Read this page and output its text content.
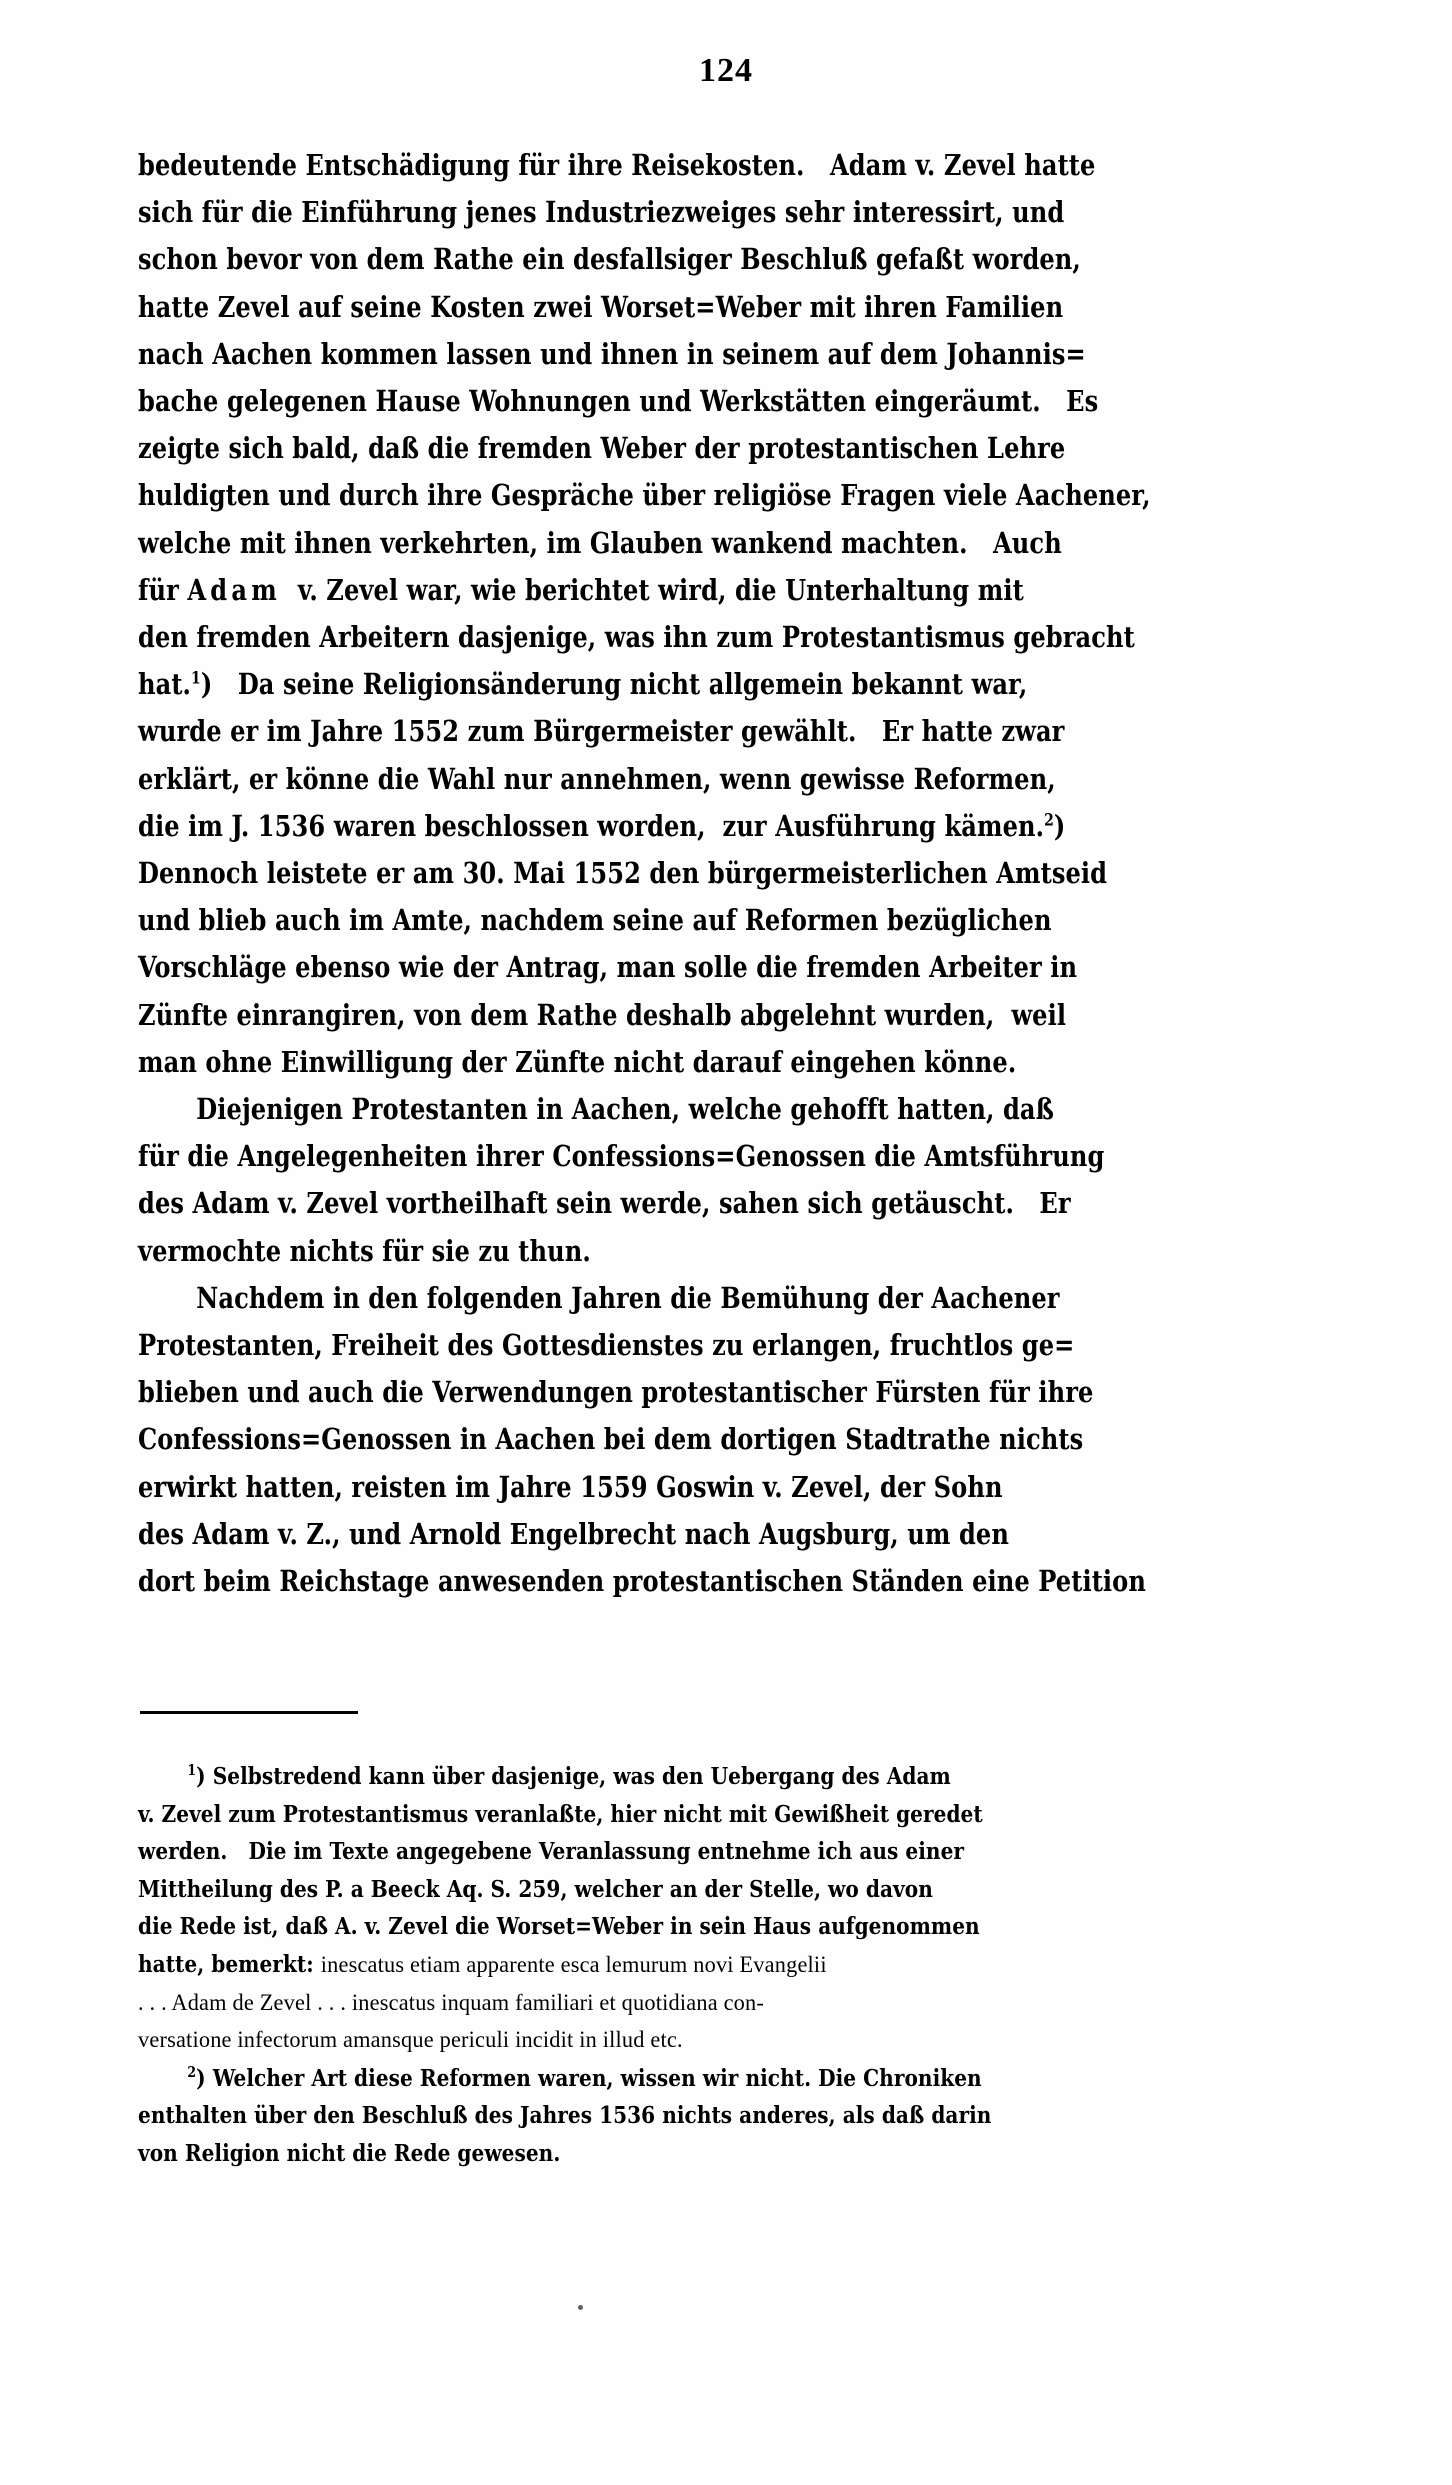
124
bedeutende Entschädigung für ihre Reisekosten.   Adam v. Zevel hatte
sich für die Einführung jenes Industriezweiges sehr interessirt, und
schon bevor von dem Rathe ein desfallsiger Beschluß gefaßt worden,
hatte Zevel auf seine Kosten zwei Worset=Weber mit ihren Familien
nach Aachen kommen lassen und ihnen in seinem auf dem Johannis=
bache gelegenen Hause Wohnungen und Werkstätten eingeräumt.   Es
zeigte sich bald, daß die fremden Weber der protestantischen Lehre
huldigten und durch ihre Gespräche über religiöse Fragen viele Aachener,
welche mit ihnen verkehrten, im Glauben wankend machten.   Auch
für Adam  v. Zevel war, wie berichtet wird, die Unterhaltung mit
den fremden Arbeitern dasjenige, was ihn zum Protestantismus gebracht
hat.$^1$)   Da seine Religionsänderung nicht allgemein bekannt war,
wurde er im Jahre 1552 zum Bürgermeister gewählt.   Er hatte zwar
erklärt, er könne die Wahl nur annehmen, wenn gewisse Reformen,
die im J. 1536 waren beschlossen worden,  zur Ausführung kämen.$^2$)
Dennoch leistete er am 30. Mai 1552 den bürgermeisterlichen Amtseid
und blieb auch im Amte, nachdem seine auf Reformen bezüglichen
Vorschläge ebenso wie der Antrag, man solle die fremden Arbeiter in
Zünfte einrangiren, von dem Rathe deshalb abgelehnt wurden,  weil
man ohne Einwilligung der Zünfte nicht darauf eingehen könne.
Diejenigen Protestanten in Aachen, welche gehofft hatten, daß
für die Angelegenheiten ihrer Confessions=Genossen die Amtsführung
des Adam v. Zevel vortheilhaft sein werde, sahen sich getäuscht.   Er
vermochte nichts für sie zu thun.
Nachdem in den folgenden Jahren die Bemühung der Aachener
Protestanten, Freiheit des Gottesdienstes zu erlangen, fruchtlos ge=
blieben und auch die Verwendungen protestantischer Fürsten für ihre
Confessions=Genossen in Aachen bei dem dortigen Stadtrathe nichts
erwirkt hatten, reisten im Jahre 1559 Goswin v. Zevel, der Sohn
des Adam v. Z., und Arnold Engelbrecht nach Augsburg, um den
dort beim Reichstage anwesenden protestantischen Ständen eine Petition
$^1$) Selbstredend kann über dasjenige, was den Uebergang des Adam
v. Zevel zum Protestantismus veranlaßte, hier nicht mit Gewißheit geredet
werden.   Die im Texte angegebene Veranlassung entnehme ich aus einer
Mittheilung des P. a Beeck Aq. S. 259, welcher an der Stelle, wo davon
die Rede ist, daß A. v. Zevel die Worset=Weber in sein Haus aufgenommen
hatte, bemerkt: inescatus etiam apparente esca lemurum novi Evangelii
. . . Adam de Zevel . . . inescatus inquam familiari et quotidiana con-
versatione infectorum amansque periculi incidit in illud etc.
$^2$) Welcher Art diese Reformen waren, wissen wir nicht. Die Chroniken
enthalten über den Beschluß des Jahres 1536 nichts anderes, als daß darin
von Religion nicht die Rede gewesen.
